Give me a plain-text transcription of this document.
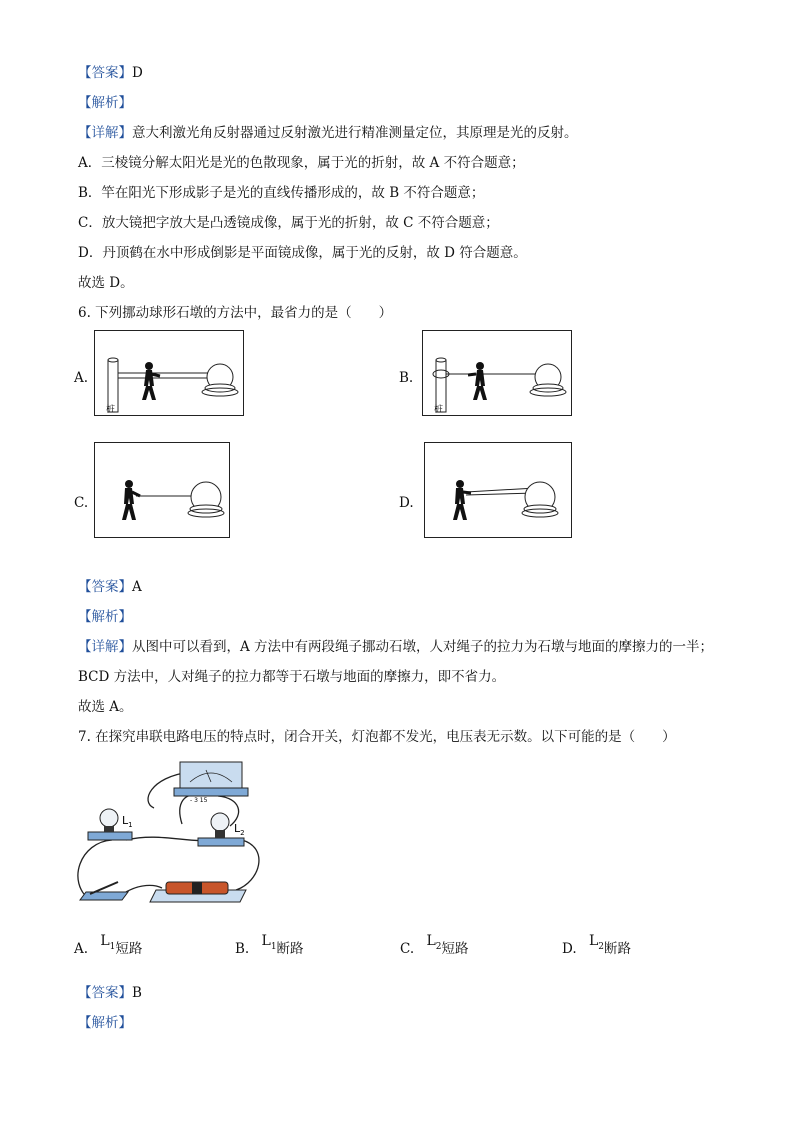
【答案】D
【解析】
【详解】意大利激光角反射器通过反射激光进行精准测量定位，其原理是光的反射。
A．三棱镜分解太阳光是光的色散现象，属于光的折射，故 A 不符合题意；
B．竿在阳光下形成影子是光的直线传播形成的，故 B 不符合题意；
C．放大镜把字放大是凸透镜成像，属于光的折射，故 C 不符合题意；
D．丹顶鹤在水中形成倒影是平面镜成像，属于光的反射，故 D 符合题意。
故选 D。
6. 下列挪动球形石墩的方法中，最省力的是（　　）
A.
桩
B.
桩
C.	D.
【答案】A
【解析】
【详解】从图中可以看到，A 方法中有两段绳子挪动石墩，人对绳子的拉力为石墩与地面的摩擦力的一半；
BCD 方法中，人对绳子的拉力都等于石墩与地面的摩擦力，即不省力。
故选 A。
7. 在探究串联电路电压的特点时，闭合开关，灯泡都不发光，电压表无示数。以下可能的是（　　）
- 3 15
$L_1$	$L_2$
A. $L^1$短路	B. $L^1$断路	C. $L^2$短路	D. $L^2$断路
【答案】B
【解析】
